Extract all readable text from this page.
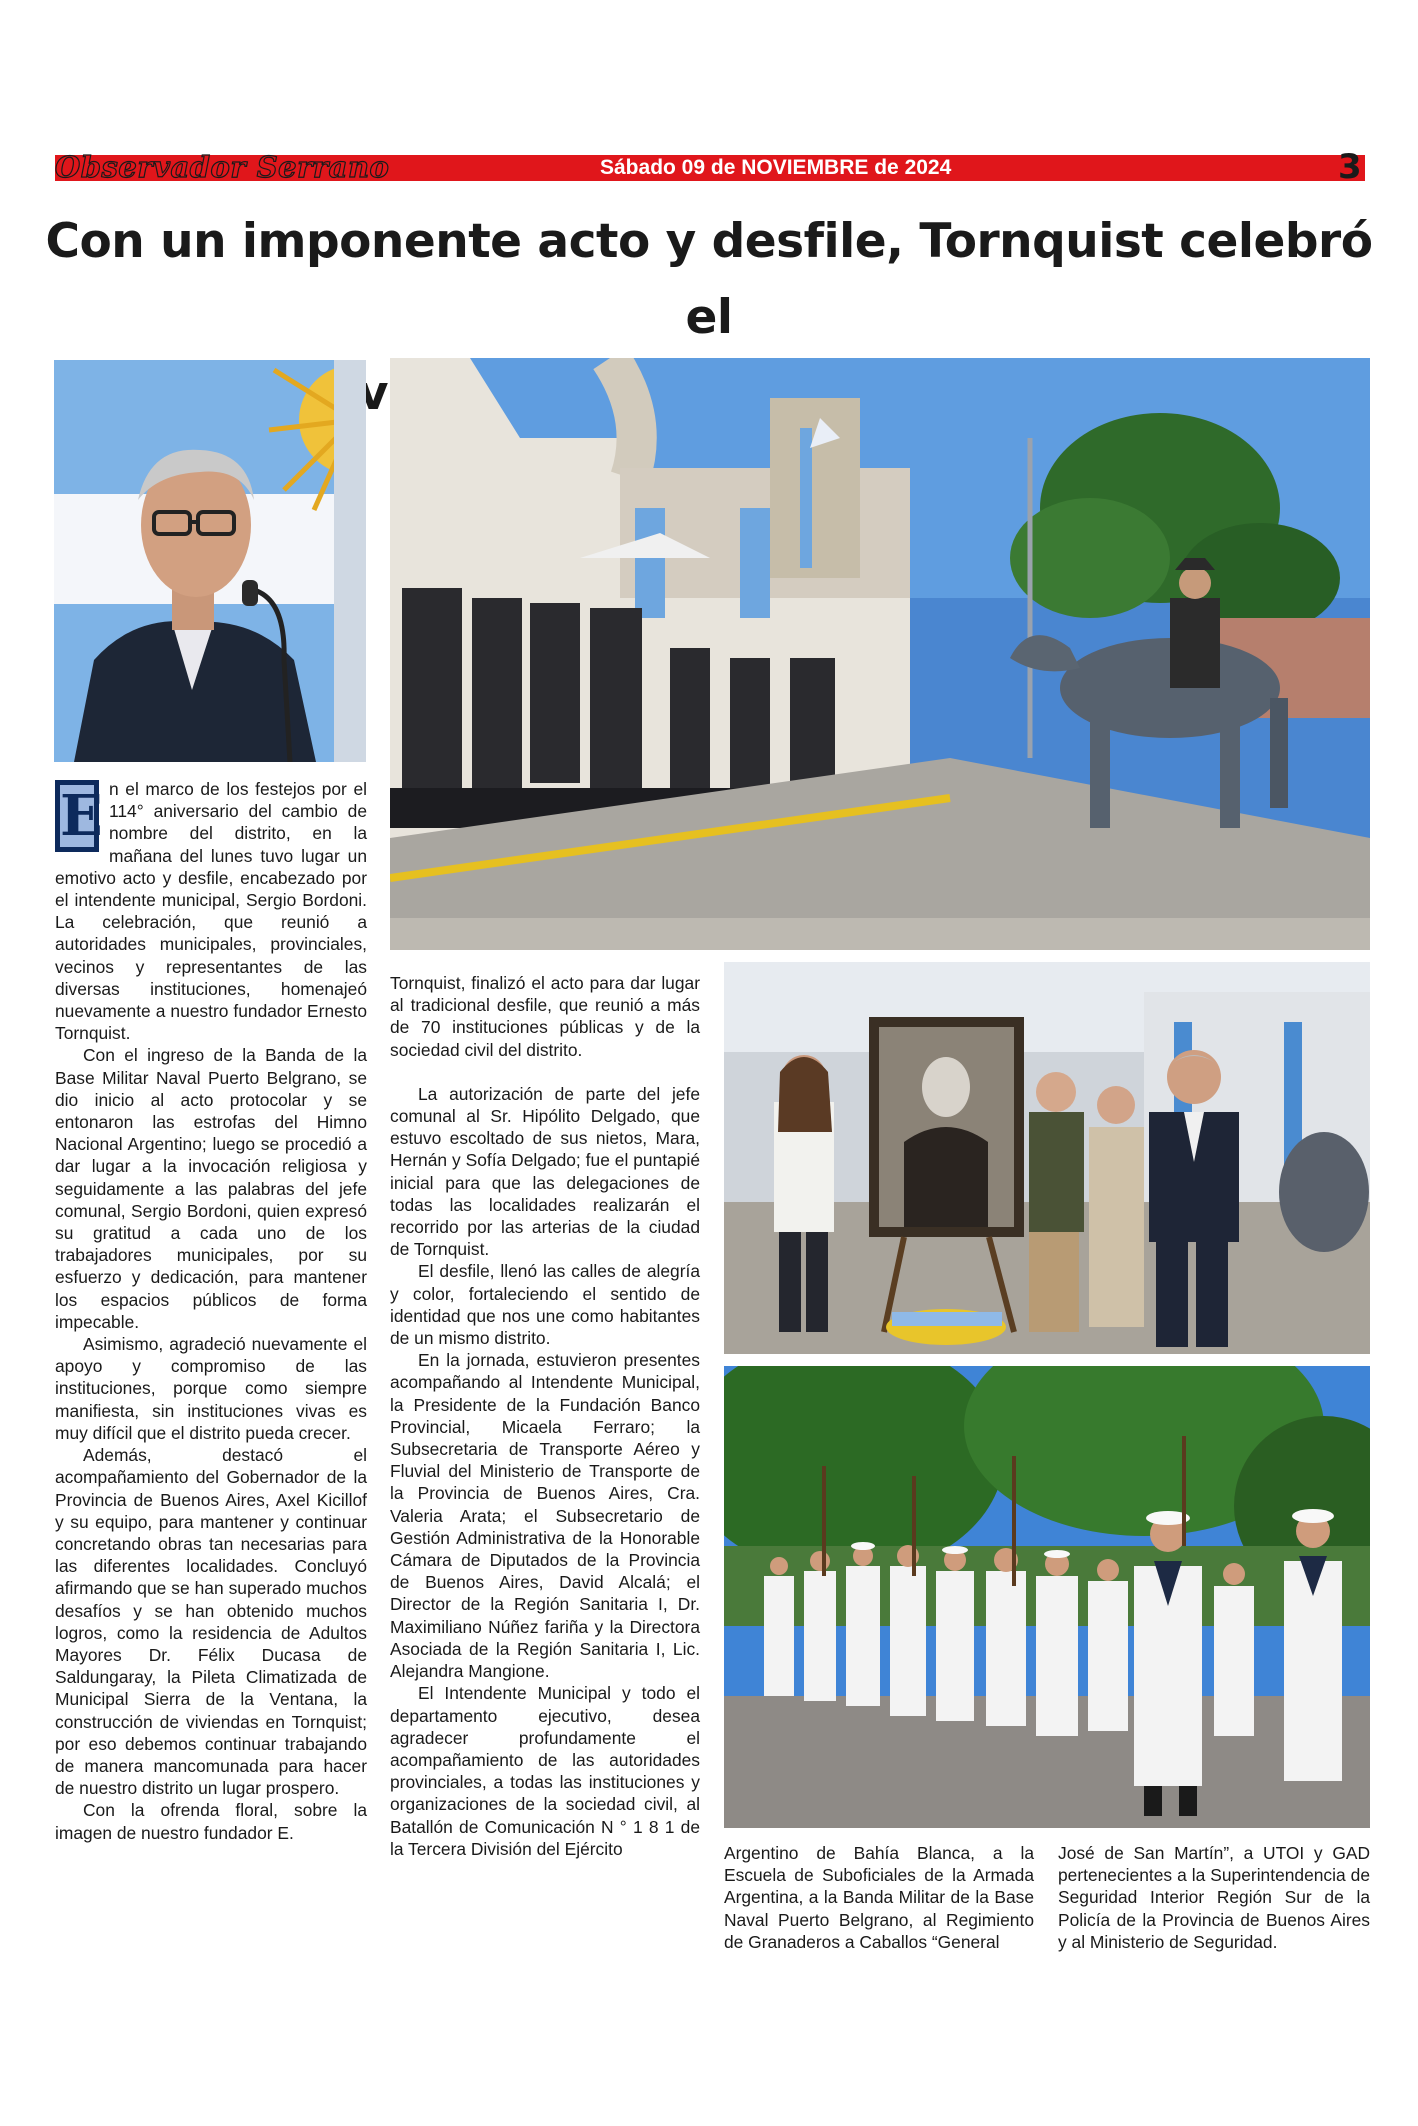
Observador Serrano	Sábado 09 de NOVIEMBRE de 2024	3
Con un imponente acto y desfile, Tornquist celebró el
E n el marco de los festejos por el 114° aniversario del cambio de nombre del distrito, en la mañana del lunes tuvo lugar un emotivo acto y desfile, encabezado por el intendente municipal, Sergio Bordoni. La celebración, que reunió a autoridades municipales, provinciales, vecinos y representantes de las diversas instituciones, homenajeó nuevamente a nuestro fundador Ernesto Tornquist.

Con el ingreso de la Banda de la Base Militar Naval Puerto Belgrano, se dio inicio al acto protocolar y se entonaron las estrofas del Himno Nacional Argentino; luego se procedió a dar lugar a la invocación religiosa y seguidamente a las palabras del jefe comunal, Sergio Bordoni, quien expresó su gratitud a cada uno de los trabajadores municipales, por su esfuerzo y dedicación, para mantener los espacios públicos de forma impecable.

Asimismo, agradeció nuevamente el apoyo y compromiso de las instituciones, porque como siempre manifiesta, sin instituciones vivas es muy difícil que el distrito pueda crecer.

Además, destacó el acompañamiento del Gobernador de la Provincia de Buenos Aires, Axel Kicillof y su equipo, para mantener y continuar concretando obras tan necesarias para las diferentes localidades. Concluyó afirmando que se han superado muchos desafíos y se han obtenido muchos logros, como la residencia de Adultos Mayores Dr. Félix Ducasa de Saldungaray, la Pileta Climatizada de Municipal Sierra de la Ventana, la construcción de viviendas en Tornquist; por eso debemos continuar trabajando de manera mancomunada para hacer de nuestro distrito un lugar prospero.

Con la ofrenda floral, sobre la imagen de nuestro fundador E.

Tornquist, finalizó el acto para dar lugar al tradicional desfile, que reunió a más de 70 instituciones públicas y de la sociedad civil del distrito.

La autorización de parte del jefe comunal al Sr. Hipólito Delgado, que estuvo escoltado de sus nietos, Mara, Hernán y Sofía Delgado; fue el puntapié inicial para que las delegaciones de todas las localidades realizarán el recorrido por las arterias de la ciudad de Tornquist.

El desfile, llenó las calles de alegría y color, fortaleciendo el sentido de identidad que nos une como habitantes de un mismo distrito.

En la jornada, estuvieron presentes acompañando al Intendente Municipal, la Presidente de la Fundación Banco Provincial, Micaela Ferraro; la Subsecretaria de Transporte Aéreo y Fluvial del Ministerio de Transporte de la Provincia de Buenos Aires, Cra. Valeria Arata; el Subsecretario de Gestión Administrativa de la Honorable Cámara de Diputados de la Provincia de Buenos Aires, David Alcalá; el Director de la Región Sanitaria I, Dr. Maximiliano Núñez fariña y la Directora Asociada de la Región Sanitaria I, Lic. Alejandra Mangione.

El Intendente Municipal y todo el departamento ejecutivo, desea agradecer profundamente el acompañamiento de las autoridades provinciales, a todas las instituciones y organizaciones de la sociedad civil, al Batallón de Comunicación N ° 1 8 1 de la Tercera División del Ejército	Argentino de Bahía Blanca, a la Escuela de Suboficiales de la Armada Argentina, a la Banda Militar de la Base Naval Puerto Belgrano, al Regimiento de Granaderos a Caballos “General

José de San Martín”, a UTOI y GAD pertenecientes a la Superintendencia de Seguridad Interior Región Sur de la Policía de la Provincia de Buenos Aires y al Ministerio de Seguridad.
